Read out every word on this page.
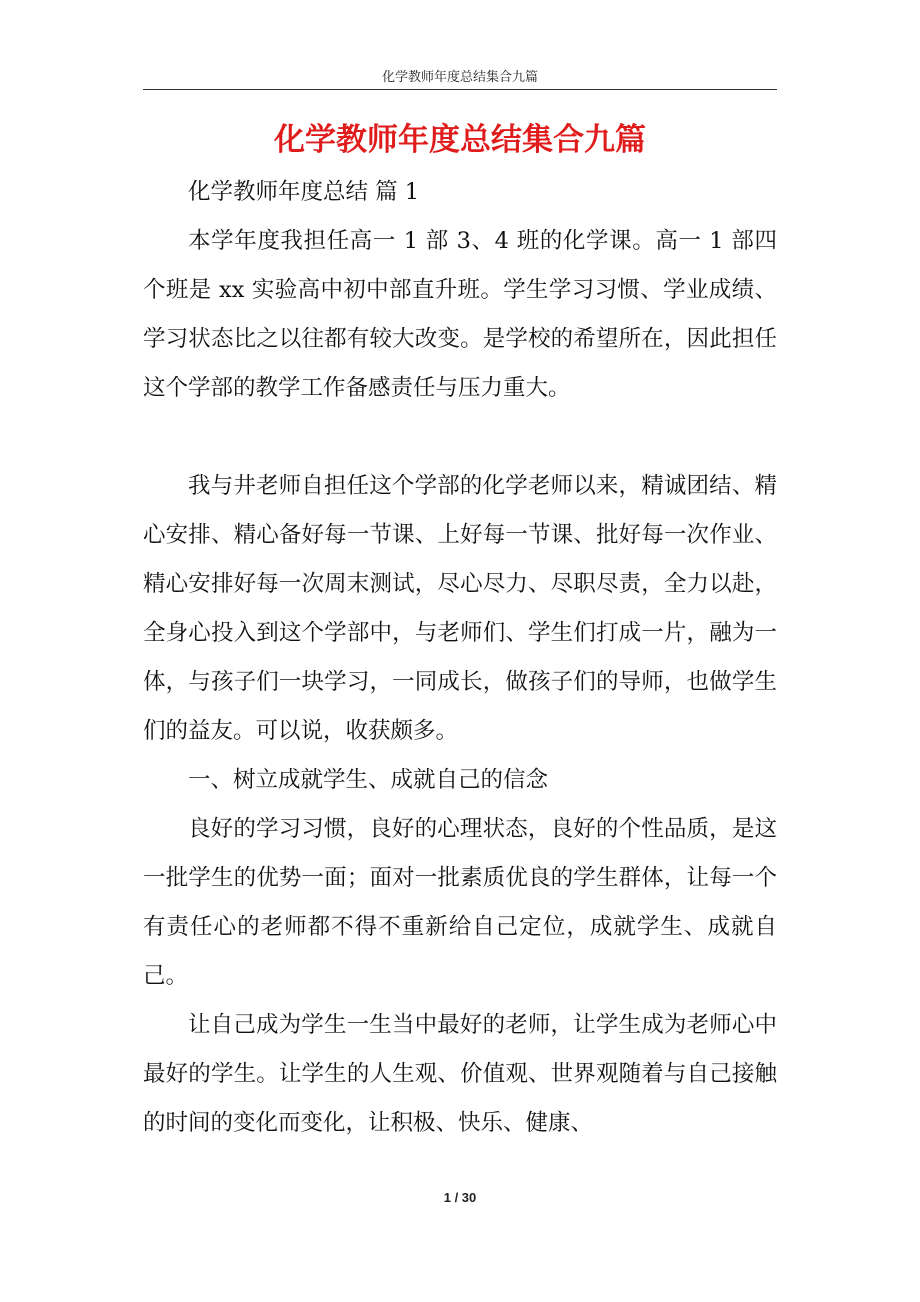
化学教师年度总结集合九篇
化学教师年度总结集合九篇

化学教师年度总结 篇 1

本学年度我担任高一 1 部 3、4 班的化学课。高一 1 部四个班是 xx 实验高中初中部直升班。学生学习习惯、学业成绩、学习状态比之以往都有较大改变。是学校的希望所在，因此担任这个学部的教学工作备感责任与压力重大。

我与井老师自担任这个学部的化学老师以来，精诚团结、精心安排、精心备好每一节课、上好每一节课、批好每一次作业、精心安排好每一次周末测试，尽心尽力、尽职尽责，全力以赴，全身心投入到这个学部中，与老师们、学生们打成一片，融为一体，与孩子们一块学习，一同成长，做孩子们的导师，也做学生们的益友。可以说，收获颇多。

一、树立成就学生、成就自己的信念

良好的学习习惯，良好的心理状态，良好的个性品质，是这一批学生的优势一面；面对一批素质优良的学生群体，让每一个有责任心的老师都不得不重新给自己定位，成就学生、成就自己。

让自己成为学生一生当中最好的老师，让学生成为老师心中最好的学生。让学生的人生观、价值观、世界观随着与自己接触的时间的变化而变化，让积极、快乐、健康、

1 / 30
